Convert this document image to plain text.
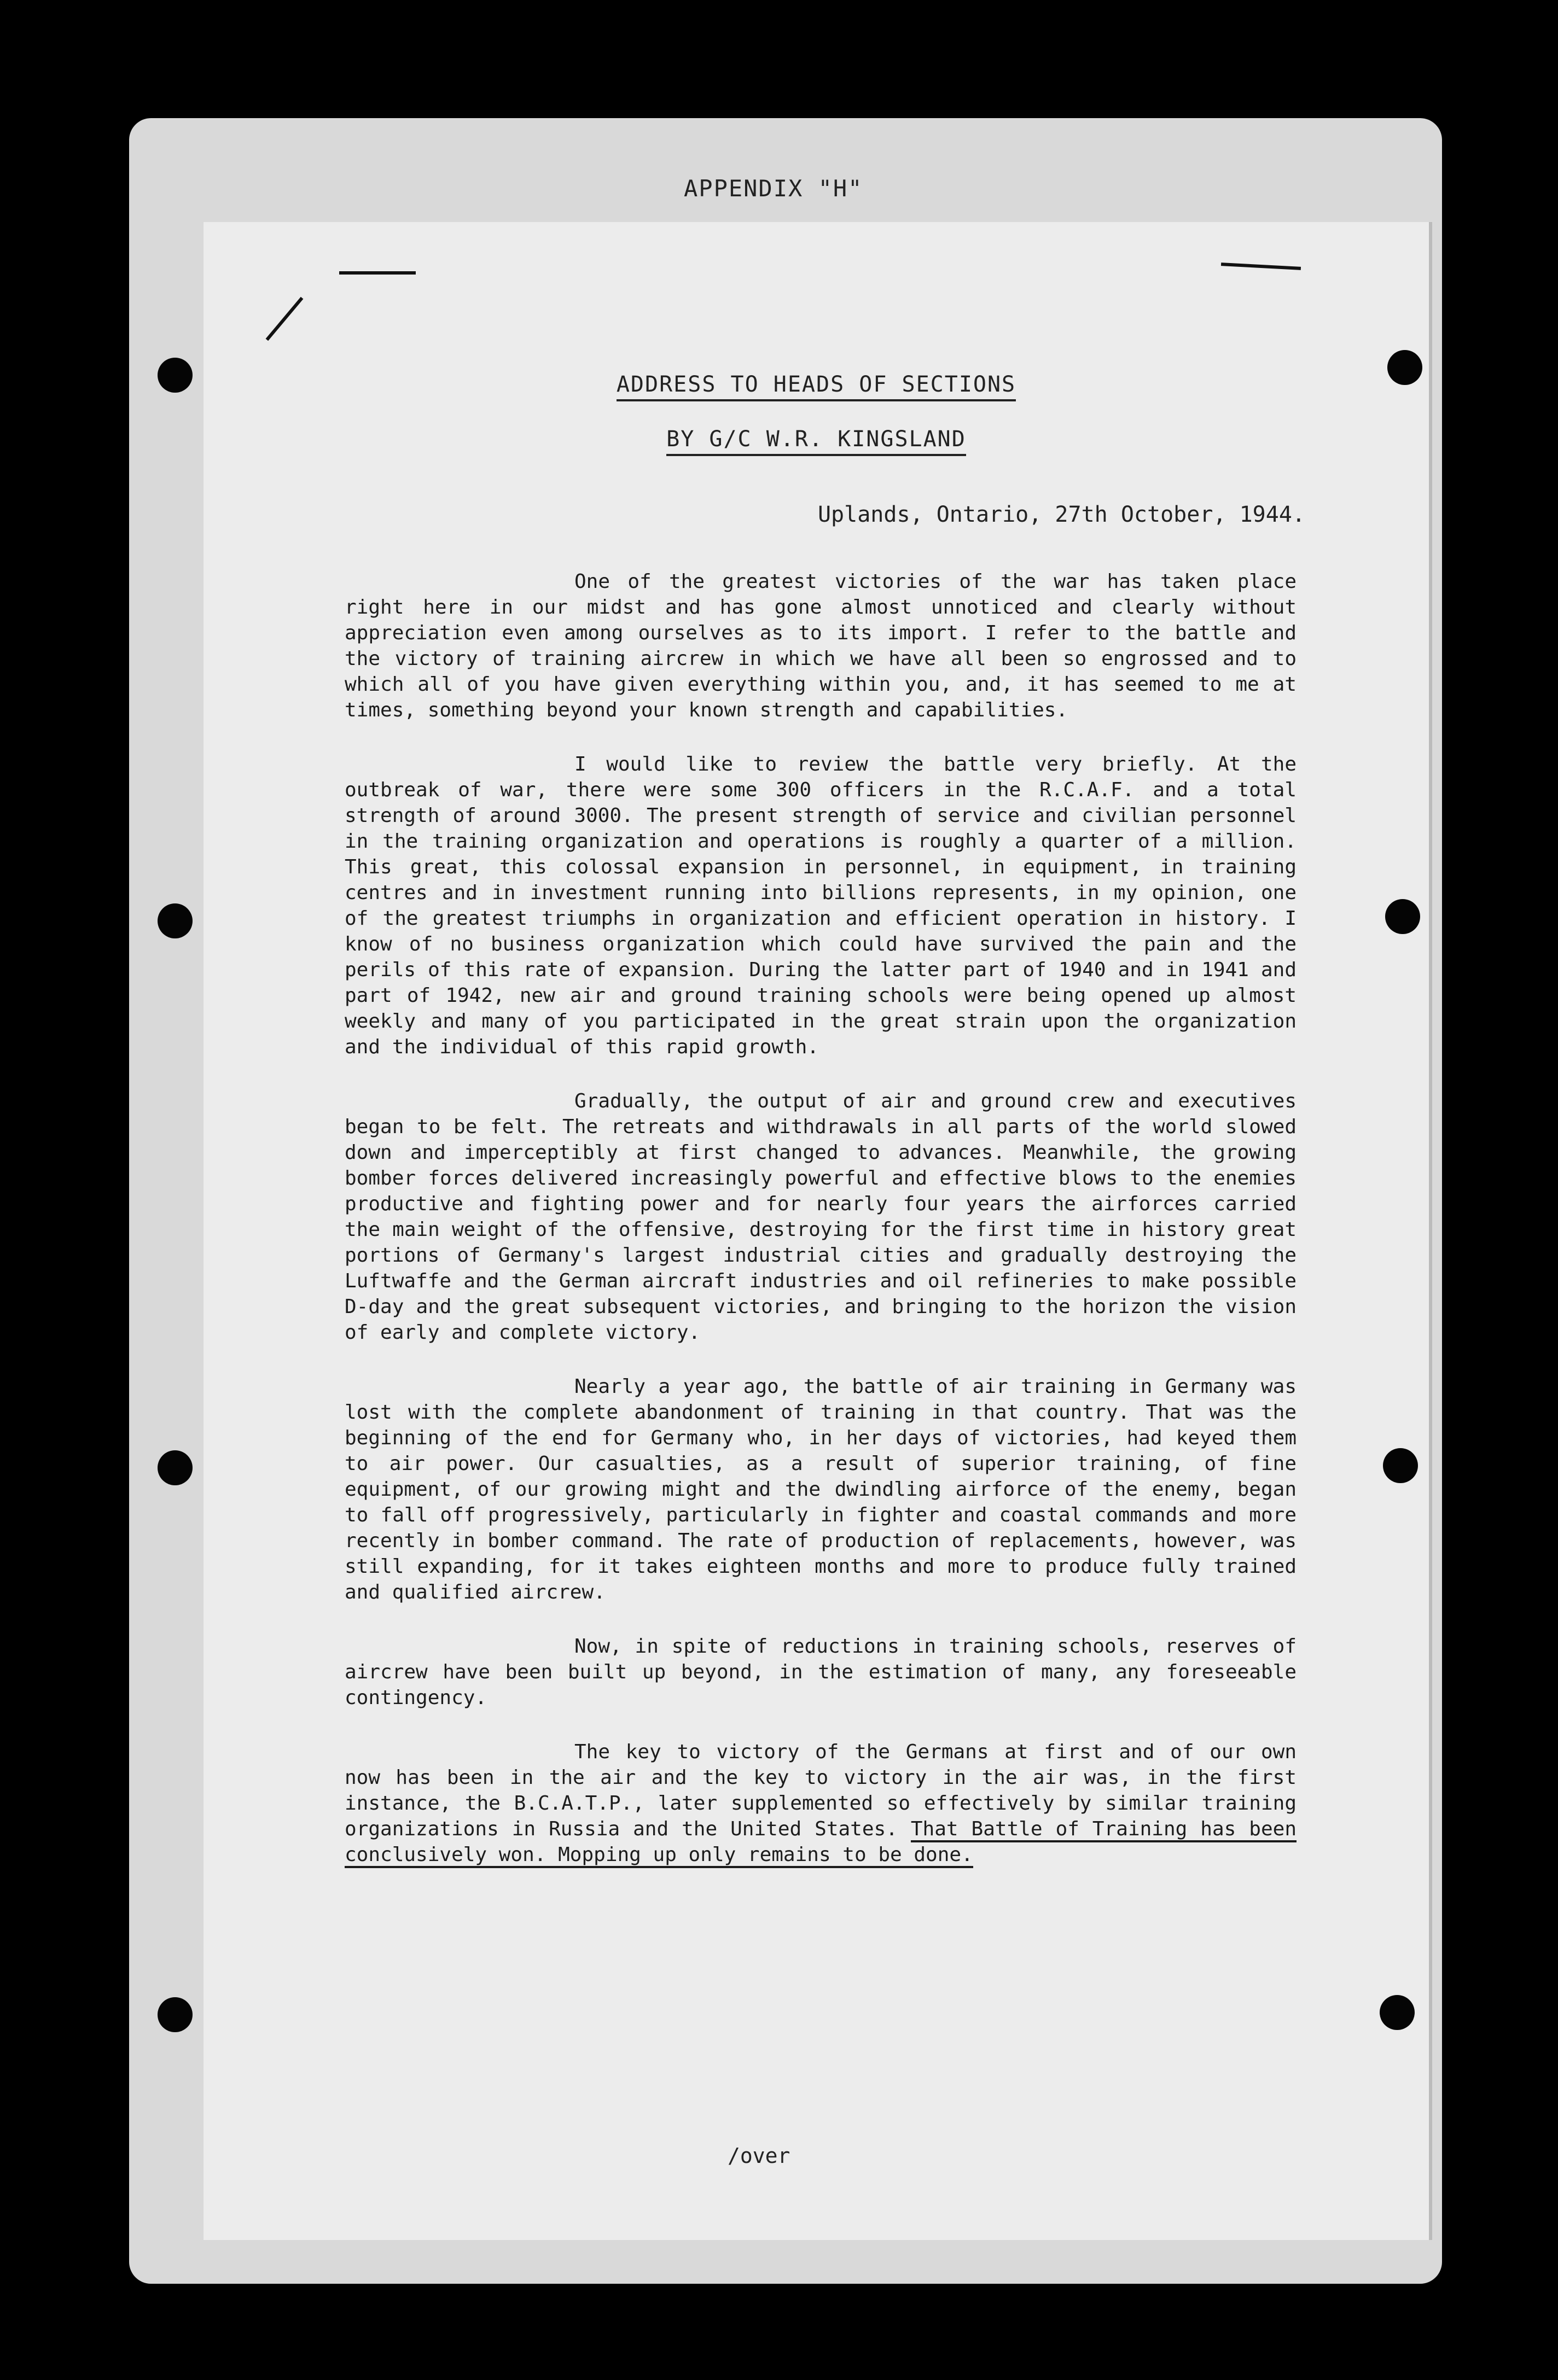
APPENDIX "H"
ADDRESS TO HEADS OF SECTIONS
BY G/C W.R. KINGSLAND
Uplands, Ontario, 27th October, 1944.

One of the greatest victories of the war has taken place right here in our midst and has gone almost unnoticed and clearly without appreciation even among ourselves as to its import. I refer to the battle and the victory of training aircrew in which we have all been so engrossed and to which all of you have given everything within you, and, it has seemed to me at times, something beyond your known strength and capabilities.

I would like to review the battle very briefly. At the outbreak of war, there were some 300 officers in the R.C.A.F. and a total strength of around 3000. The present strength of service and civilian personnel in the training organization and operations is roughly a quarter of a million. This great, this colossal expansion in personnel, in equipment, in training centres and in investment running into billions represents, in my opinion, one of the greatest triumphs in organization and efficient operation in history. I know of no business organization which could have survived the pain and the perils of this rate of expansion. During the latter part of 1940 and in 1941 and part of 1942, new air and ground training schools were being opened up almost weekly and many of you participated in the great strain upon the organization and the individual of this rapid growth.

Gradually, the output of air and ground crew and executives began to be felt. The retreats and withdrawals in all parts of the world slowed down and imperceptibly at first changed to advances. Meanwhile, the growing bomber forces delivered increasingly powerful and effective blows to the enemies productive and fighting power and for nearly four years the airforces carried the main weight of the offensive, destroying for the first time in history great portions of Germany's largest industrial cities and gradually destroying the Luftwaffe and the German aircraft industries and oil refineries to make possible D-day and the great subsequent victories, and bringing to the horizon the vision of early and complete victory.

Nearly a year ago, the battle of air training in Germany was lost with the complete abandonment of training in that country. That was the beginning of the end for Germany who, in her days of victories, had keyed them to air power. Our casualties, as a result of superior training, of fine equipment, of our growing might and the dwindling airforce of the enemy, began to fall off progressively, particularly in fighter and coastal commands and more recently in bomber command. The rate of production of replacements, however, was still expanding, for it takes eighteen months and more to produce fully trained and qualified aircrew.

Now, in spite of reductions in training schools, reserves of aircrew have been built up beyond, in the estimation of many, any foreseeable contingency.

The key to victory of the Germans at first and of our own now has been in the air and the key to victory in the air was, in the first instance, the B.C.A.T.P., later supplemented so effectively by similar training organizations in Russia and the United States. That Battle of Training has been conclusively won. Mopping up only remains to be done.

/over
